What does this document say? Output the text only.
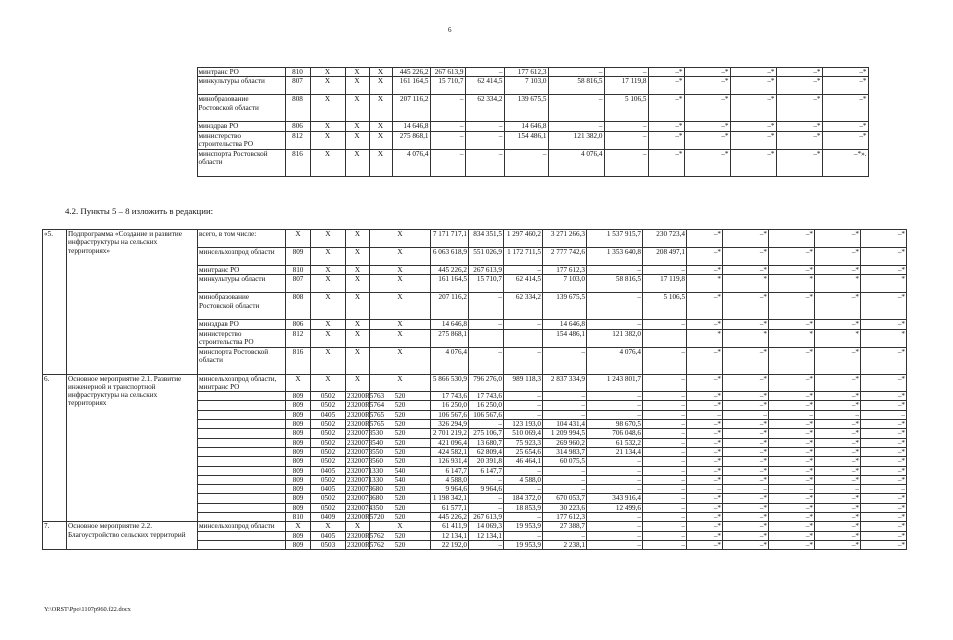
6
		минтранс РО	810	X	X	X	445 226,2	267 613,9	–	177 612,3	–	–	–*	–*	–*	–*	–*
		минкультуры области	807	X	X	X	161 164,5	15 710,7	62 414,5	7 103,0	58 816,5	17 119,8	–*	–*	–*	–*	–*
		минобразование Ростовской области	808	X	X	X	207 116,2	–	62 334,2	139 675,5	–	5 106,5	–*	–*	–*	–*	–*
		минздрав РО	806	X	X	X	14 646,8	–	–	14 646,8	–	–	–*	–*	–*	–*	–*
		министерство строительства РО	812	X	X	X	275 868,1	–	–	154 486,1	121 382,0	–	–*	–*	–*	–*	–*
		минспорта Ростовской области	816	X	X	X	4 076,4	–	–	–	4 076,4	–	–*	–*	–*	–*	–*».
4.2. Пункты 5 – 8 изложить в редакции:
«5.	Подпрограмма «Создание и развитие инфраструктуры на сельских территориях»	всего, в том числе:	X	X	X	X	7 171 717,1	834 351,5	1 297 460,2	3 271 266,3	1 537 915,7	230 723,4	–*	–*	–*	–*	–*
		минсельхозпрод области	809	X	X	X	6 063 618,9	551 026,9	1 172 711,5	2 777 742,6	1 353 640,8	208 497,1	–*	–*	–*	–*	–*
		минтранс РО	810	X	X	X	445 226,2	267 613,9	–	177 612,3	–	–	–*	–*	–*	–*	–*
		минкультуры области	807	X	X	X	161 164,5	15 710,7	62 414,5	7 103,0	58 816,5	17 119,8	*	*	*	*	*
		минобразование Ростовской области	808	X	X	X	207 116,2	–	62 334,2	139 675,5	–	5 106,5	–*	–*	–*	–*	–*
		минздрав РО	806	X	X	X	14 646,8	–	–	14 646,8	–	–	–*	–*	–*	–*	–*
		министерство строительства РО	812	X	X	X	275 868,1			154 486,1	121 382,0		*	*	*	*	*
		минспорта Ростовской области	816	X	X	X	4 076,4	–	–	–	4 076,4	–	–*	–*	–*	–*	–*
6.	Основное мероприятие 2.1. Развитие инженерной и транспортной инфраструктуры на сельских территориях	минсельхозпрод области, минтранс РО	X	X	X	X	5 866 530,9	796 276,0	989 118,3	2 837 334,9	1 243 801,7	–	–*	–*	–*	–*	–*
			809	0502	23200R5763	520	17 743,6	17 743,6	–	–	–	–	–*	–*	–*	–*	–*
			809	0502	23200R5764	520	16 250,0	16 250,0	–	–	–	–	–*	–*	–*	–*	–*
			809	0405	23200R5765	520	106 567,6	106 567,6	–	–	–	–	–	–	–	–	–
			809	0502	23200R5765	520	326 294,9	–	123 193,0	104 431,4	98 670,5	–	–*	–*	–*	–*	–*
			809	0502	2320073530	520	2 701 219,2	275 106,7	510 069,4	1 209 994,5	706 048,6	–	–*	–*	–*	–*	–*
			809	0502	2320073540	520	421 096,4	13 680,7	75 923,3	269 960,2	61 532,2	–	–*	–*	–*	–*	–*
			809	0502	2320073550	520	424 582,1	62 809,4	25 654,6	314 983,7	21 134,4	–	–*	–*	–*	–*	–*
			809	0502	2320073560	520	126 931,4	20 391,8	46 464,1	60 075,5	–	–	–*	–*	–*	–*	–*
			809	0405	2320071330	540	6 147,7	6 147,7	–	–	–	–	–*	–*	–*	–*	–*
			809	0502	2320071330	540	4 588,0	–	4 588,0	–	–	–	–*	–*	–*	–*	–*
			809	0405	2320073680	520	9 964,6	9 964,6	–	–	–	–	–	–	–	–	–
			809	0502	2320073680	520	1 198 342,1	–	184 372,0	670 053,7	343 916,4	–	–*	–*	–*	–*	–*
			809	0502	2320074350	520	61 577,1	–	18 853,9	30 223,6	12 499,6	–	–*	–*	–*	–*	–*
			810	0409	23200R5720	520	445 226,2	267 613,9	–	177 612,3	–	–	–*	–*	–*	–*	–*
7.	Основное мероприятие 2.2. Благоустройство сельских территорий	минсельхозпрод области	X	X	X	X	61 411,9	14 069,3	19 953,9	27 388,7	–	–	–*	–*	–*	–*	–*
			809	0405	23200R5762	520	12 134,1	12 134,1	–	–	–	–	–*	–*	–*	–*	–*
			809	0503	23200R5762	520	22 192,0	–	19 953,9	2 238,1	–	–	–*	–*	–*	–*	–*
Y:\ORST\Ppo\1107p960.f22.docx
